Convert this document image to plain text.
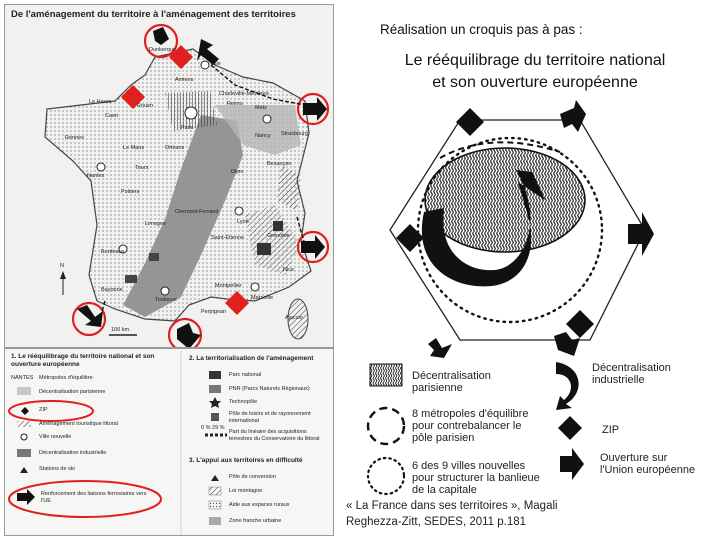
De l'aménagement du territoire à l'aménagement des territoires
Dunkerque
Lille
Amiens
Charleville-Mézières
Le Havre
Rouen
Caen
Paris
Metz
Strasbourg
Nancy
Reims
Rennes
Le Mans	Orléans
Nantes
Tours
Poitiers
Clermont-Ferrand
Lyon
Limoges
Bordeaux
Toulouse
Montpellier
Marseille
Nice
Perpignan
Bayonne
Grenoble
Dijon
Besançon
Saint-Étienne
Ajaccio
100 km
N
1. Le rééquilibrage du territoire national et son ouverture européenne
NANTES Métropoles d'équilibre
Décentralisation parisienne
ZIP
Aménagement touristique littoral
Ville nouvelle
Décentralisation industrielle
Stations de ski
Renforcement des liaisons ferroviaires vers l'UE
2. La territorialisation de l'aménagement
Parc national
PNR (Parcs Naturels Régionaux)
Technopôle
Pôle de loisirs et de rayonnement international
Part du linéaire des acquisitions terrestres du Conservatoire du littoral
0 % 29 %
3. L'appui aux territoires en difficulté
Pôle de conversion
Loi montagne
Aide aux espaces ruraux
Zone franche urbaine
Réalisation un croquis pas à pas :
Le rééquilibrage du territoire national
et son ouverture européenne
Décentralisation parisienne
8 métropoles d'équilibre pour contrebalancer le pôle parisien
6 des 9 villes nouvelles pour structurer la banlieue de la capitale
Décentralisation industrielle
ZIP
Ouverture sur l'Union européenne
« La France dans ses territoires », Magali
Reghezza-Zitt, SEDES, 2011 p.181
